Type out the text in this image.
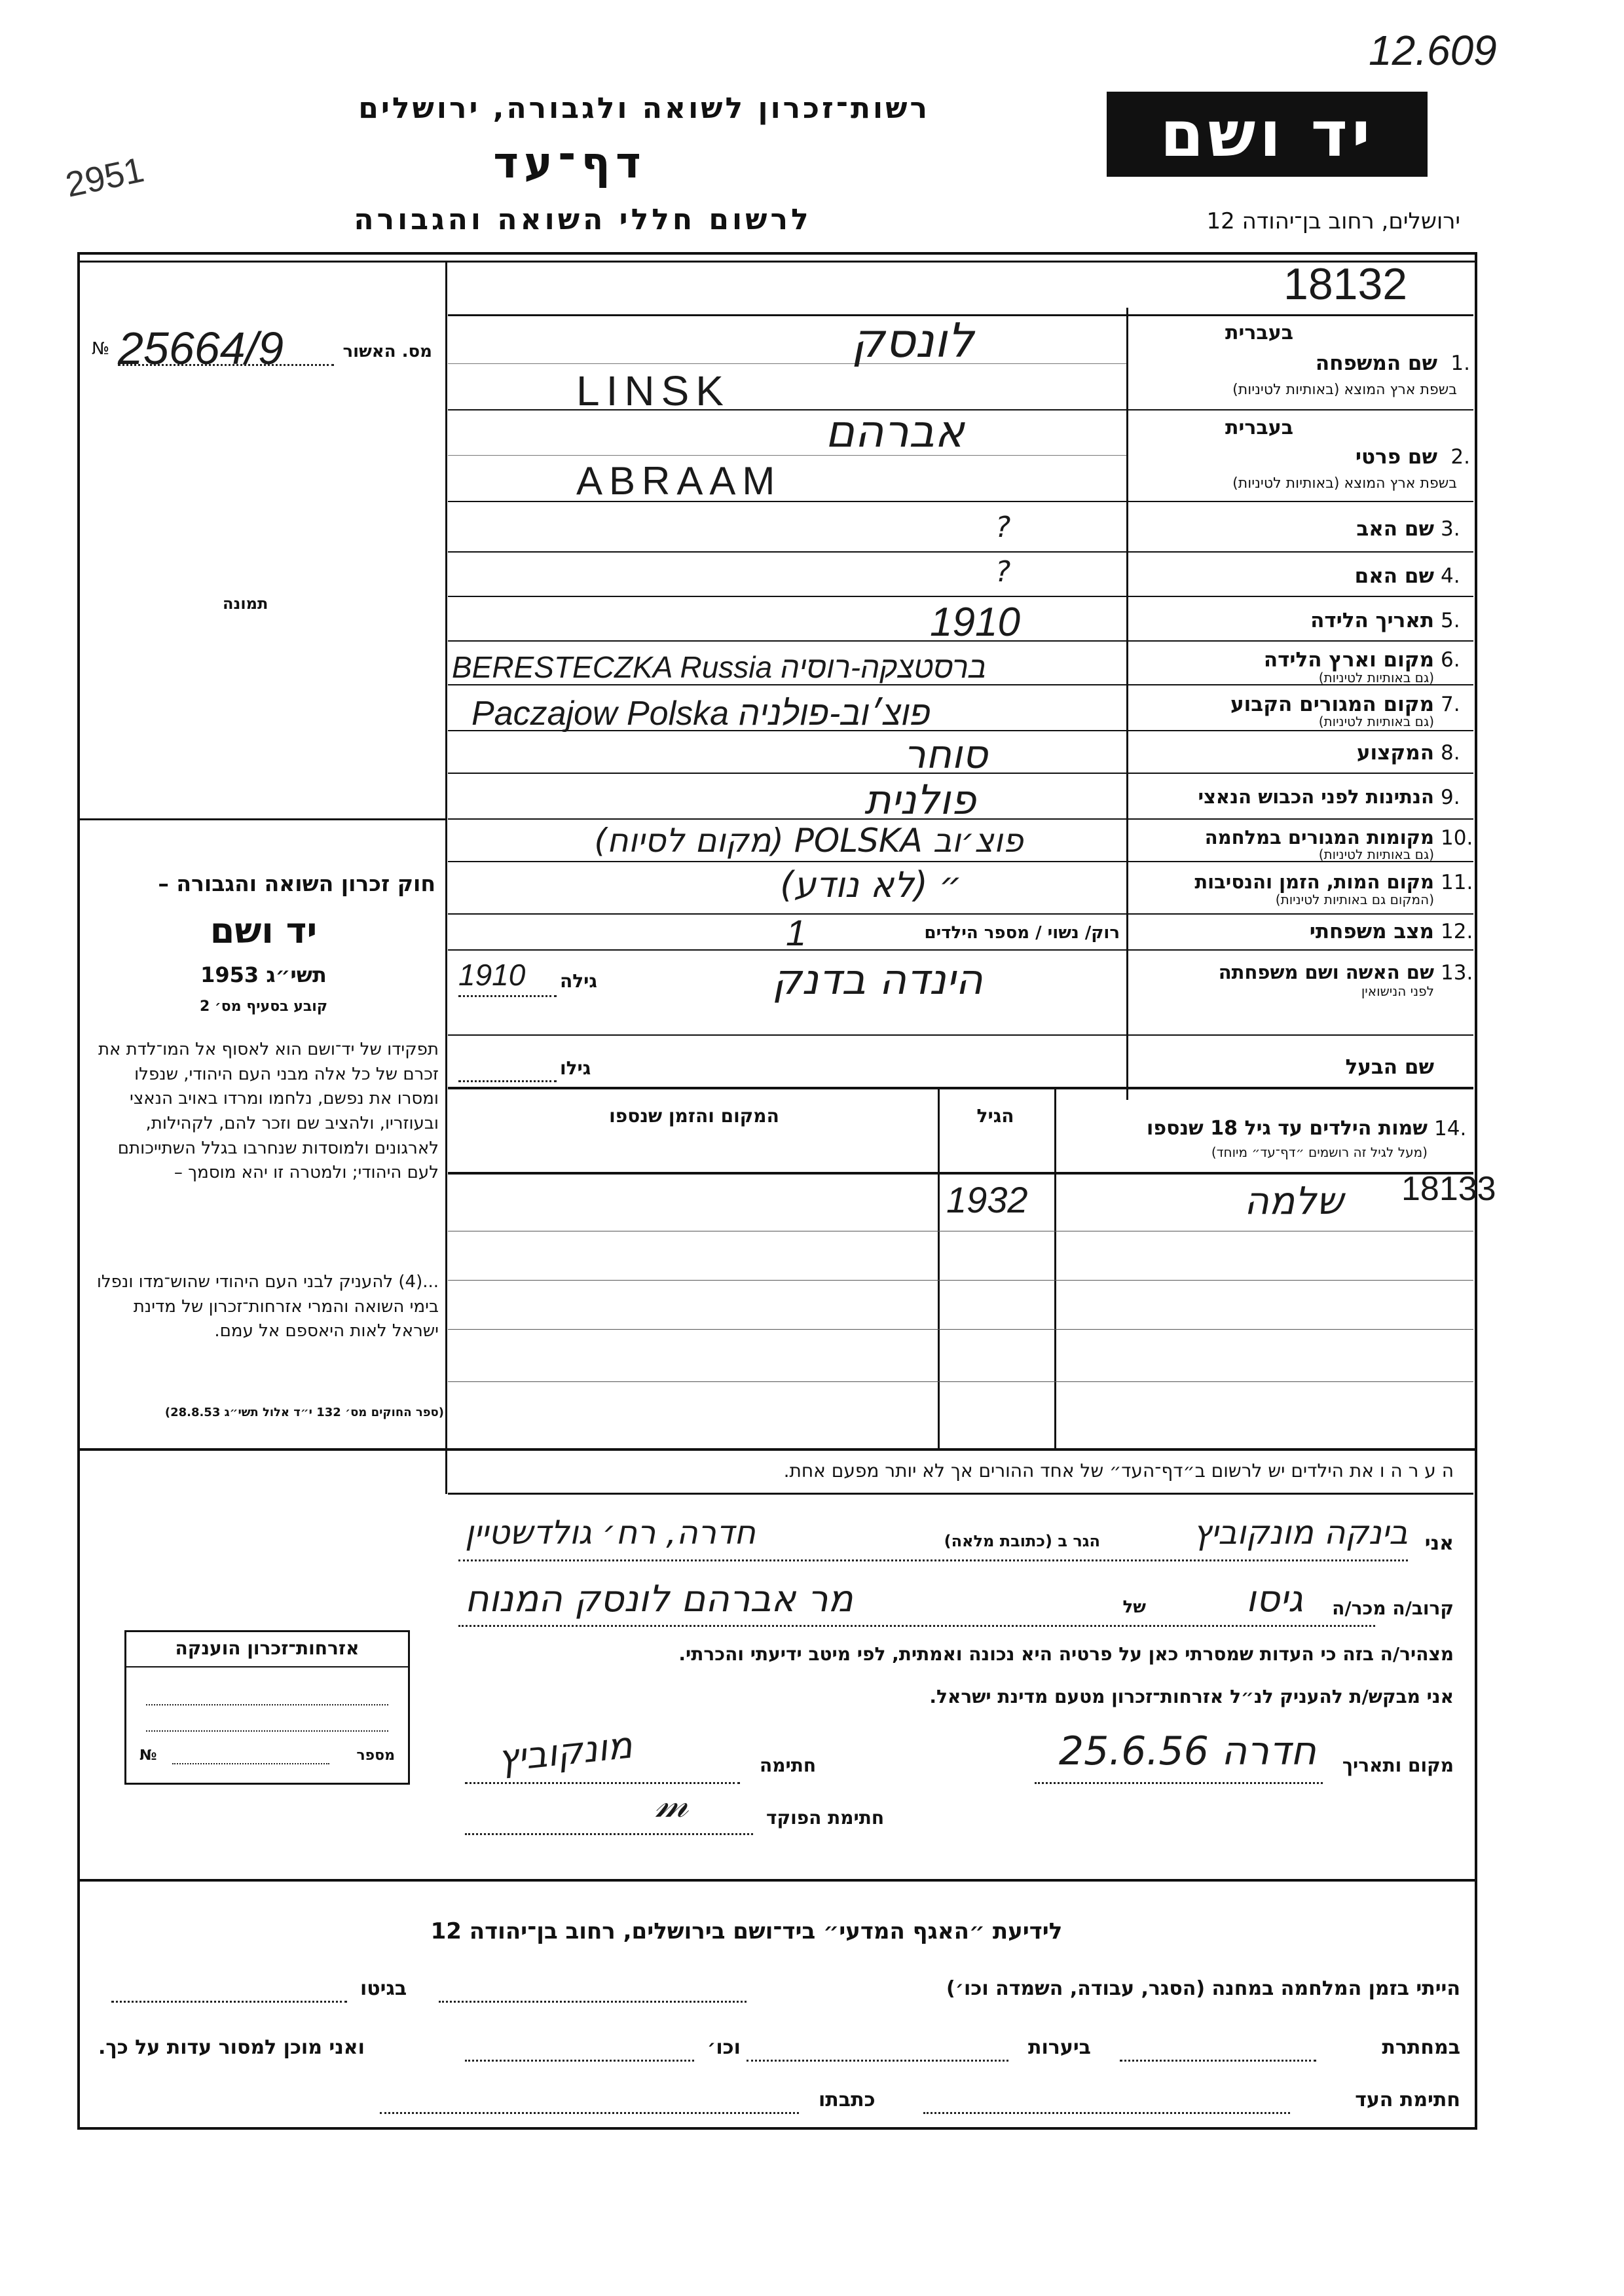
12.609
2951
רשות־זכרון לשואה ולגבורה, ירושלים
דף־עד
לרשום חללי השואה והגבורה
יד ושם
ירושלים, רחוב בן־יהודה 12
18132
№ 25664/9	מס. האשור
תמונה
חוק זכרון השואה והגבורה –
יד ושם
תשי״ג 1953
קובע בסעיף מס׳ 2
תפקידו של יד־ושם הוא לאסוף אל המו־לדת את זכרם של כל אלה מבני העם היהודי, שנפלו ומסרו את נפשם, נלחמו ומרדו באויב הנאצי ובעוזריו, ולהציב שם וזכר להם, לקהילות, לארגונים ולמוסדות שנחרבו בגלל השתייכותם לעם היהודי; ולמטרה זו יהא מוסמך –
...(4) להעניק לבני העם היהודי שהוש־מדו ונפלו בימי השואה והמרי אזרחות־זכרון של מדינת ישראל לאות היאספם אל עמם.
(ספר החוקים מס׳ 132 י״ד אלול תשי״ג 28.8.53)
בעברית
1.
שם המשפחה
בשפת ארץ המוצא (באותיות לטיניות)
לונסק
LINSK
בעברית
2.
שם פרטי
בשפת ארץ המוצא (באותיות לטיניות)
אברהם
ABRAAM
3.
שם האב
?
4.
שם האם
?
5.
תאריך הלידה
1910
6.
מקום וארץ הלידה
(גם באותיות לטיניות)
BERESTECZKA Russia ברסטצקה-רוסיה
7.
מקום המגורים הקבוע
(גם באותיות לטיניות)
Paczajow Polska פוצ׳וב-פולניה
8.
המקצוע
סוחר
9.
הנתינות לפני הכבוש הנאצי
פולנית
10.
מקומות המגורים במלחמה
(גם באותיות לטיניות)
פוצ׳וב POLSKA (מקום לסיוח)
11.
מקום המות, הזמן והנסיבות
(המקום גם באותיות לטיניות)
״ (לא נודע)
12.
מצב משפחתי
רוק/ נשוי / מספר הילדים
1
13.
שם האשה ושם משפחתה
לפני הנישואין
1910 גילה	הינדה בדנק
שם הבעל
גילו
14.
שמות הילדים עד גיל 18 שנספו
(מעל לגיל זה רושמים ״דף־עד״ מיוחד)
הגיל
המקום והזמן שנספו
שלמה 18133
1932
ה ע ר ה ו את הילדים יש לרשום ב״דף־העד״ של אחד ההורים אך לא יותר מפעם אחת.
אני
בינקה מונקוביץ
הגר ב (כתובת מלאה)
חדרה, רח׳ גולדשטיין
קרוב/ה מכר/ה
גיסו
של
מר אברהם לונסק המנוח
מצהיר/ה בזה כי העדות שמסרתי כאן על פרטיה היא נכונה ואמתית, לפי מיטב ידיעתי והכרתי.
אני מבקש/ת להעניק לנ״ל אזרחות־זכרון מטעם מדינת ישראל.
מקום ותאריך
חדרה 25.6.56
חתימה
מונקוביץ
חתימת הפוקד
𝓂
אזרחות־זכרון הוענקה
מספר
№
לידיעת ״האגף המדעי״ ביד־ושם בירושלים, רחוב בן־יהודה 12
הייתי בזמן המלחמה במחנה (הסגר, עבודה, השמדה וכו׳)
בגיטו
במחתרת
ביערות
וכו׳
ואני מוכן למסור עדות על כך.
חתימת העד
כתבתו
